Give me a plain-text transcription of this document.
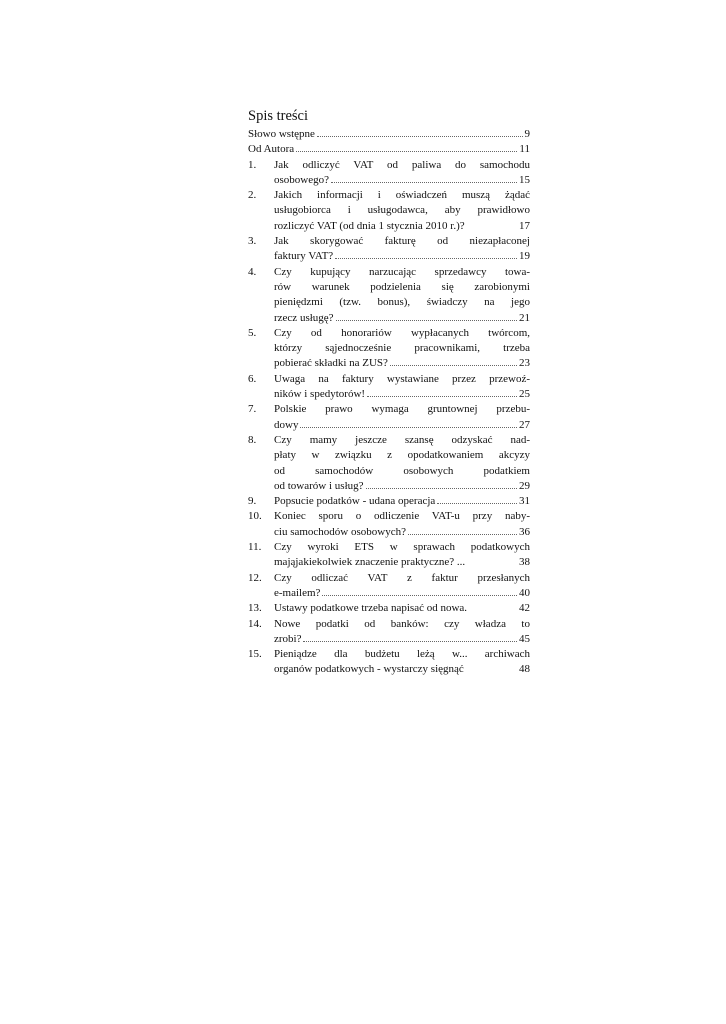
Spis treści
Słowo wstępne	9
Od Autora	11
1.	Jak odliczyć VAT od paliwa do samochodu
osobowego?	15
2.	Jakich informacji i oświadczeń muszą żądać
usługobiorca i usługodawca, aby prawidłowo
rozliczyć VAT (od dnia 1 stycznia 2010 r.)?	17
3.	Jak skorygować fakturę od niezapłaconej
faktury VAT?	19
4.	Czy kupujący narzucając sprzedawcy towa-
rów warunek podzielenia się zarobionymi
pieniędzmi (tzw. bonus), świadczy na jego
rzecz usługę?	21
5.	Czy od honorariów wypłacanych twórcom,
którzy sąjednocześnie pracownikami, trzeba
pobierać składki na ZUS?	23
6.	Uwaga na faktury wystawiane przez przewoź-
ników i spedytorów!	25
7.	Polskie prawo wymaga gruntownej przebu-
dowy	27
8.	Czy mamy jeszcze szansę odzyskać nad-
płaty w związku z opodatkowaniem akcyzy
od samochodów osobowych podatkiem
od towarów i usług?	29
9.	Popsucie podatków - udana operacja	31
10.	Koniec sporu o odliczenie VAT-u przy naby-
ciu samochodów osobowych?	36
11.	Czy wyroki ETS w sprawach podatkowych
mająjakiekolwiek znaczenie praktyczne? ...	38
12.	Czy odliczać VAT z faktur przesłanych
e-mailem?	40
13.	Ustawy podatkowe trzeba napisać od nowa.	42
14.	Nowe podatki od banków: czy władza to
zrobi?	45
15.	Pieniądze dla budżetu leżą w... archiwach
organów podatkowych - wystarczy sięgnąć	48
